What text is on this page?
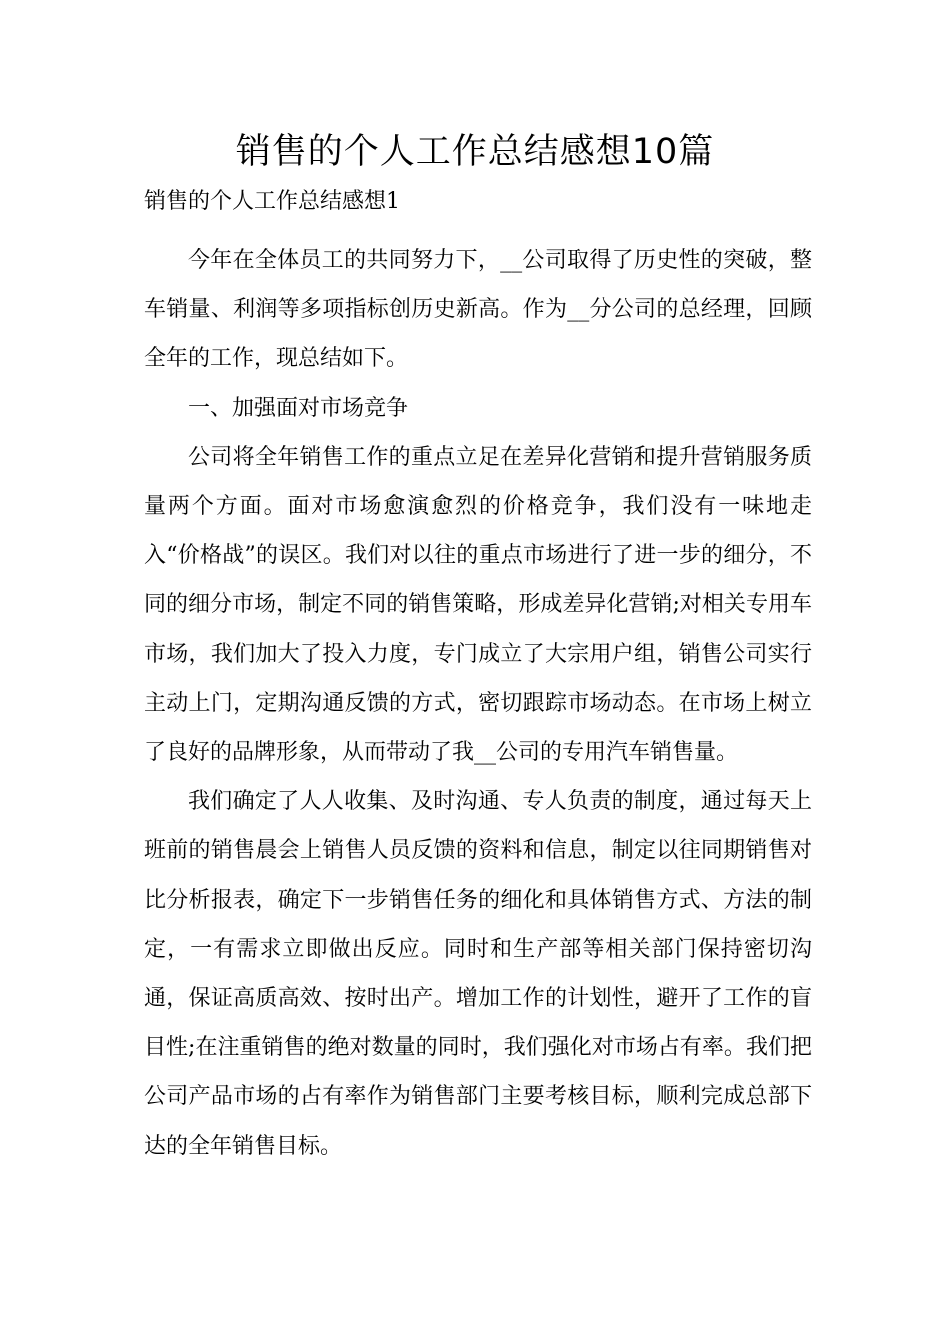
销售的个人工作总结感想10篇
销售的个人工作总结感想1

今年在全体员工的共同努力下，__公司取得了历史性的突破，整车销量、利润等多项指标创历史新高。作为__分公司的总经理，回顾全年的工作，现总结如下。

一、加强面对市场竞争

公司将全年销售工作的重点立足在差异化营销和提升营销服务质量两个方面。面对市场愈演愈烈的价格竞争，我们没有一味地走入“价格战”的误区。我们对以往的重点市场进行了进一步的细分，不同的细分市场，制定不同的销售策略，形成差异化营销;对相关专用车市场，我们加大了投入力度，专门成立了大宗用户组，销售公司实行主动上门，定期沟通反馈的方式，密切跟踪市场动态。在市场上树立了良好的品牌形象，从而带动了我__公司的专用汽车销售量。

我们确定了人人收集、及时沟通、专人负责的制度，通过每天上班前的销售晨会上销售人员反馈的资料和信息，制定以往同期销售对比分析报表，确定下一步销售任务的细化和具体销售方式、方法的制定，一有需求立即做出反应。同时和生产部等相关部门保持密切沟通，保证高质高效、按时出产。增加工作的计划性，避开了工作的盲目性;在注重销售的绝对数量的同时，我们强化对市场占有率。我们把公司产品市场的占有率作为销售部门主要考核目标，顺利完成总部下达的全年销售目标。
